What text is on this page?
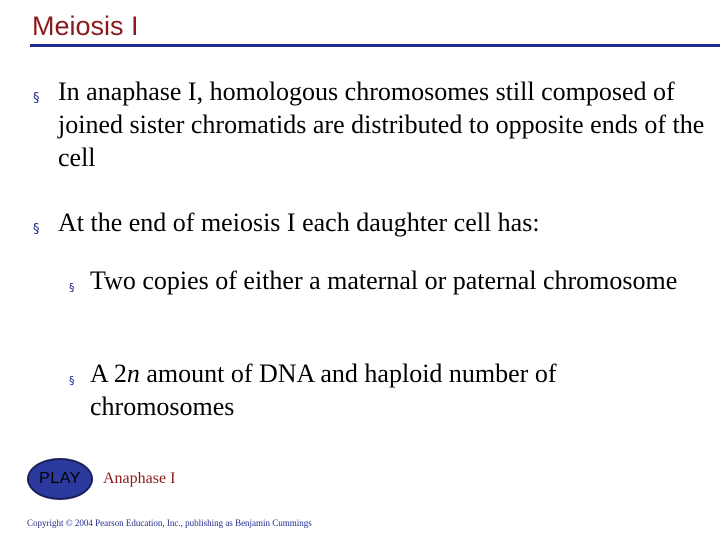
Meiosis I
§ In anaphase I, homologous chromosomes still composed of joined sister chromatids are distributed to opposite ends of the cell
§ At the end of meiosis I each daughter cell has:
§ Two copies of either a maternal or paternal chromosome
§ A 2n amount of DNA and haploid number of chromosomes
PLAY Anaphase I
Copyright © 2004 Pearson Education, Inc., publishing as Benjamin Cummings
